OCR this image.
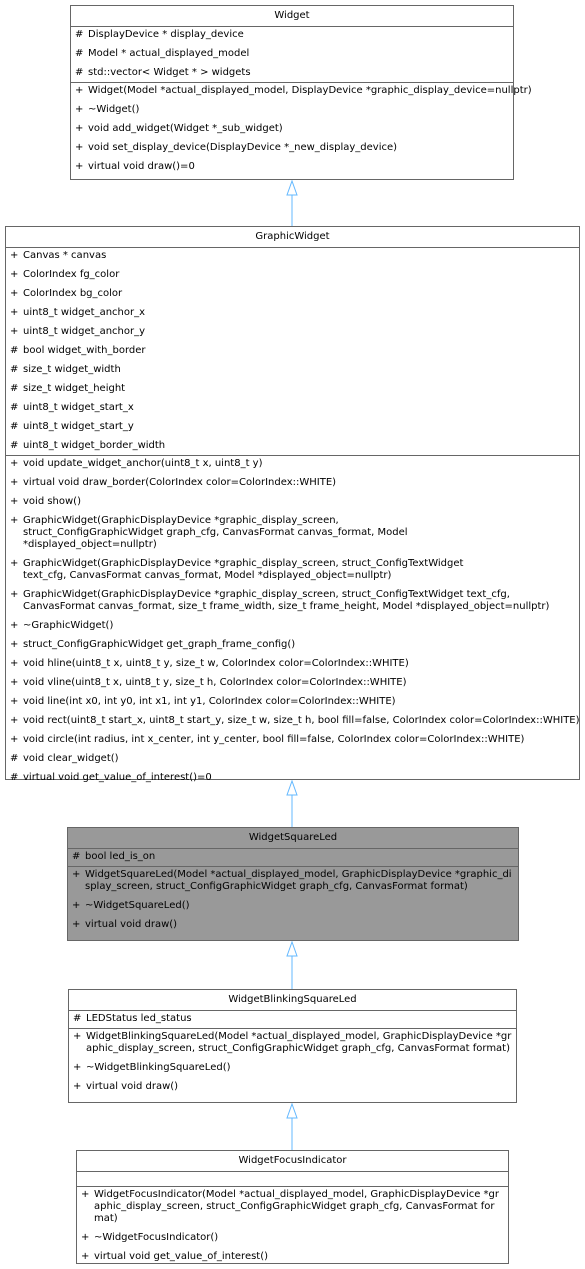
Widget
# DisplayDevice * display_device
# Model * actual_displayed_model
# std::vector< Widget * > widgets
+ Widget(Model *actual_displayed_model, DisplayDevice *graphic_display_device=nullptr)
+ ~Widget()
+ void add_widget(Widget *_sub_widget)
+ void set_display_device(DisplayDevice *_new_display_device)
+ virtual void draw()=0
GraphicWidget
+ Canvas * canvas
+ ColorIndex fg_color
+ ColorIndex bg_color
+ uint8_t widget_anchor_x
+ uint8_t widget_anchor_y
# bool widget_with_border
# size_t widget_width
# size_t widget_height
# uint8_t widget_start_x
# uint8_t widget_start_y
# uint8_t widget_border_width
+ void update_widget_anchor(uint8_t x, uint8_t y)
+ virtual void draw_border(ColorIndex color=ColorIndex::WHITE)
+ void show()
+ GraphicWidget(GraphicDisplayDevice *graphic_display_screen, struct_ConfigGraphicWidget graph_cfg, CanvasFormat canvas_format, Model *displayed_object=nullptr)
+ GraphicWidget(GraphicDisplayDevice *graphic_display_screen, struct_ConfigTextWidget text_cfg, CanvasFormat canvas_format, Model *displayed_object=nullptr)
+ GraphicWidget(GraphicDisplayDevice *graphic_display_screen, struct_ConfigTextWidget text_cfg, CanvasFormat canvas_format, size_t frame_width, size_t frame_height, Model *displayed_object=nullptr)
+ ~GraphicWidget()
+ struct_ConfigGraphicWidget get_graph_frame_config()
+ void hline(uint8_t x, uint8_t y, size_t w, ColorIndex color=ColorIndex::WHITE)
+ void vline(uint8_t x, uint8_t y, size_t h, ColorIndex color=ColorIndex::WHITE)
+ void line(int x0, int y0, int x1, int y1, ColorIndex color=ColorIndex::WHITE)
+ void rect(uint8_t start_x, uint8_t start_y, size_t w, size_t h, bool fill=false, ColorIndex color=ColorIndex::WHITE)
+ void circle(int radius, int x_center, int y_center, bool fill=false, ColorIndex color=ColorIndex::WHITE)
# void clear_widget()
# virtual void get_value_of_interest()=0
WidgetSquareLed
# bool led_is_on
+ WidgetSquareLed(Model *actual_displayed_model, GraphicDisplayDevice *graphic_display_screen, struct_ConfigGraphicWidget graph_cfg, CanvasFormat format)
+ ~WidgetSquareLed()
+ virtual void draw()
WidgetBlinkingSquareLed
# LEDStatus led_status
+ WidgetBlinkingSquareLed(Model *actual_displayed_model, GraphicDisplayDevice *graphic_display_screen, struct_ConfigGraphicWidget graph_cfg, CanvasFormat format)
+ ~WidgetBlinkingSquareLed()
+ virtual void draw()
WidgetFocusIndicator
+ WidgetFocusIndicator(Model *actual_displayed_model, GraphicDisplayDevice *graphic_display_screen, struct_ConfigGraphicWidget graph_cfg, CanvasFormat format)
+ ~WidgetFocusIndicator()
+ virtual void get_value_of_interest()
